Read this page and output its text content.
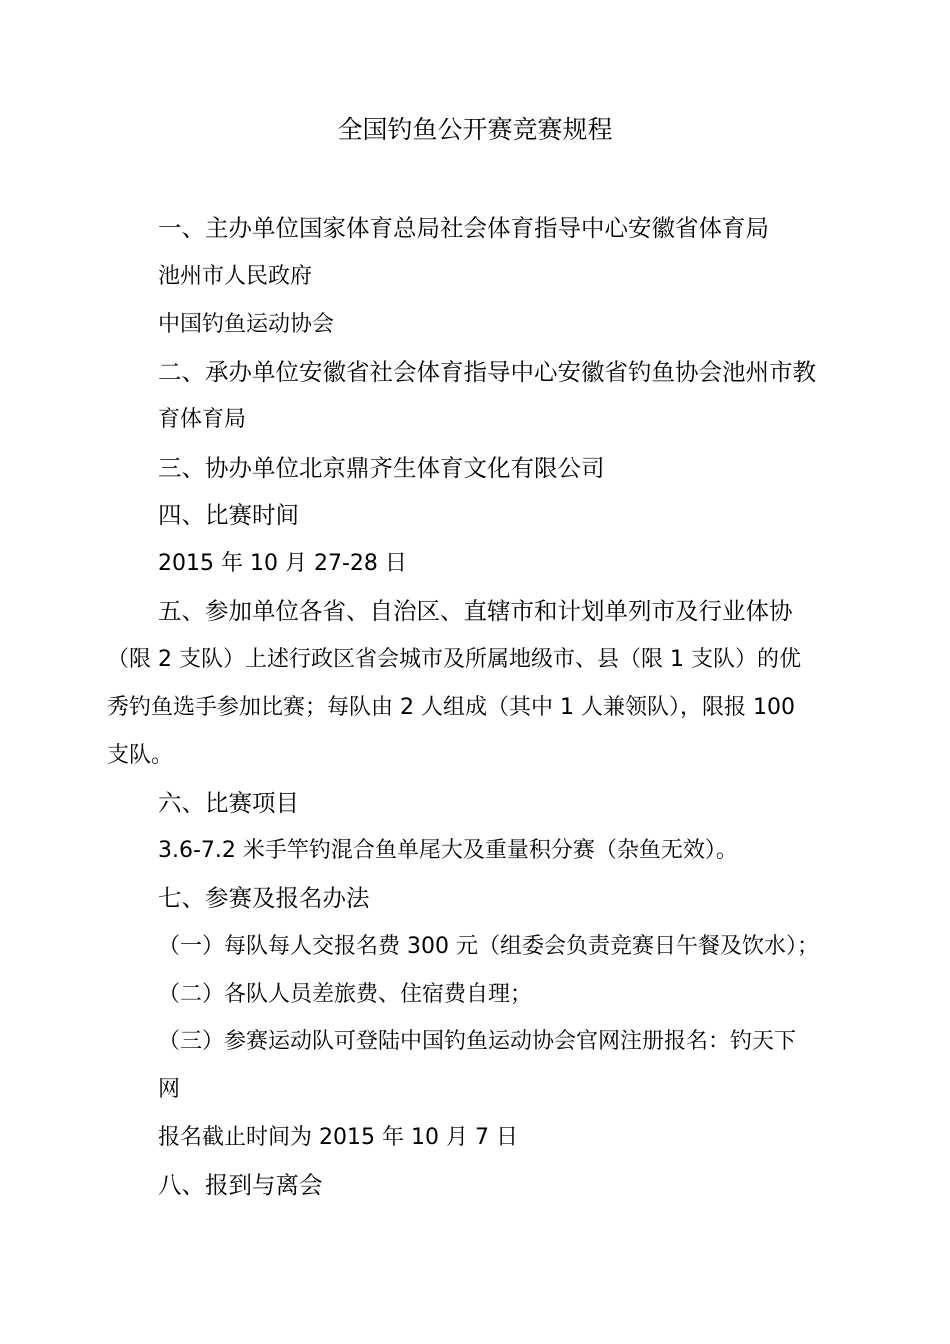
全国钓鱼公开赛竞赛规程
一、主办单位国家体育总局社会体育指导中心安徽省体育局
池州市人民政府
中国钓鱼运动协会
二、承办单位安徽省社会体育指导中心安徽省钓鱼协会池州市教
育体育局
三、协办单位北京鼎齐生体育文化有限公司
四、比赛时间
2015 年 10 月 27-28 日
五、参加单位各省、自治区、直辖市和计划单列市及行业体协
（限 2 支队）上述行政区省会城市及所属地级市、县（限 1 支队）的优
秀钓鱼选手参加比赛；每队由 2 人组成（其中 1 人兼领队），限报 100
支队。
六、比赛项目
3.6-7.2 米手竿钓混合鱼单尾大及重量积分赛（杂鱼无效）。
七、参赛及报名办法
（一）每队每人交报名费 300 元（组委会负责竞赛日午餐及饮水）；
（二）各队人员差旅费、住宿费自理；
（三）参赛运动队可登陆中国钓鱼运动协会官网注册报名：钓天下
网
报名截止时间为 2015 年 10 月 7 日
八、报到与离会
